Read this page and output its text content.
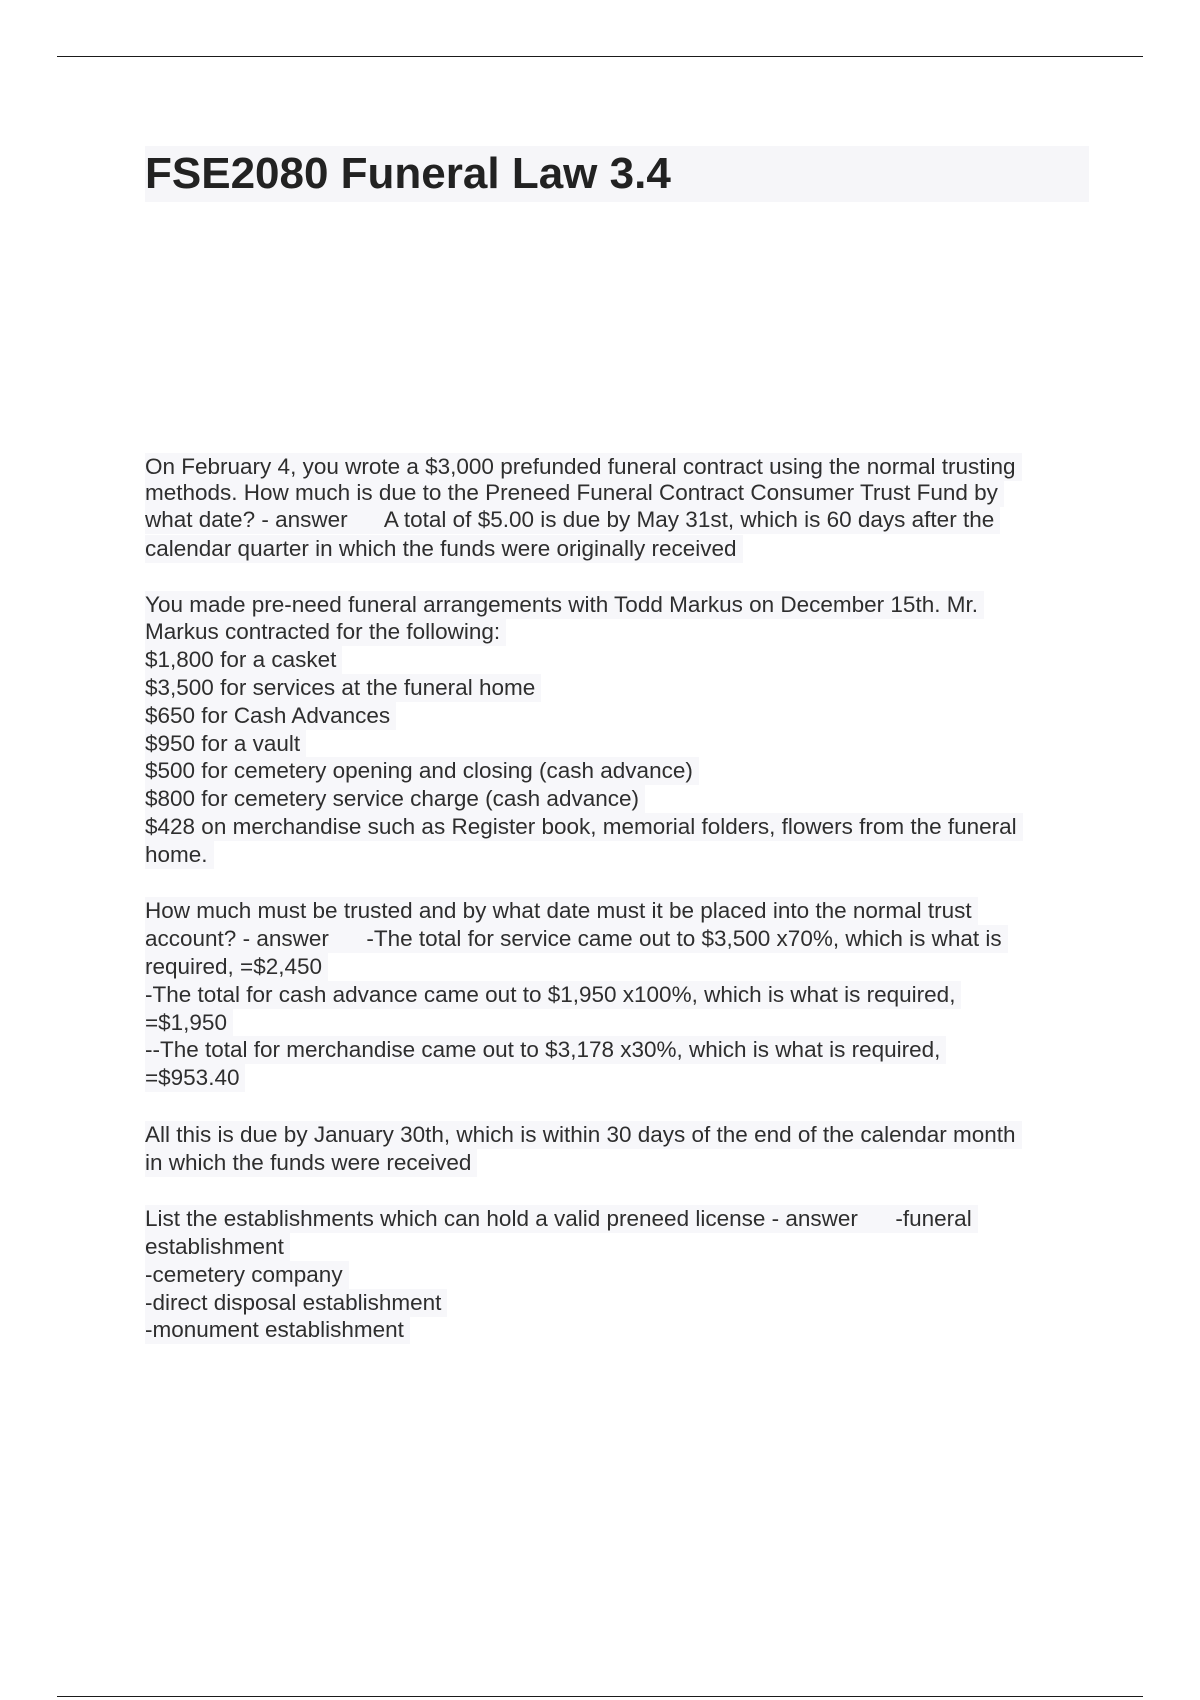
FSE2080 Funeral Law 3.4
On February 4, you wrote a $3,000 prefunded funeral contract using the normal trusting
methods. How much is due to the Preneed Funeral Contract Consumer Trust Fund by
what date? - answer      A total of $5.00 is due by May 31st, which is 60 days after the
calendar quarter in which the funds were originally received
You made pre-need funeral arrangements with Todd Markus on December 15th. Mr.
Markus contracted for the following:
$1,800 for a casket
$3,500 for services at the funeral home
$650 for Cash Advances
$950 for a vault
$500 for cemetery opening and closing (cash advance)
$800 for cemetery service charge (cash advance)
$428 on merchandise such as Register book, memorial folders, flowers from the funeral
home.
How much must be trusted and by what date must it be placed into the normal trust
account? - answer      -The total for service came out to $3,500 x70%, which is what is
required, =$2,450
-The total for cash advance came out to $1,950 x100%, which is what is required,
=$1,950
--The total for merchandise came out to $3,178 x30%, which is what is required,
=$953.40
All this is due by January 30th, which is within 30 days of the end of the calendar month
in which the funds were received
List the establishments which can hold a valid preneed license - answer      -funeral
establishment
-cemetery company
-direct disposal establishment
-monument establishment
